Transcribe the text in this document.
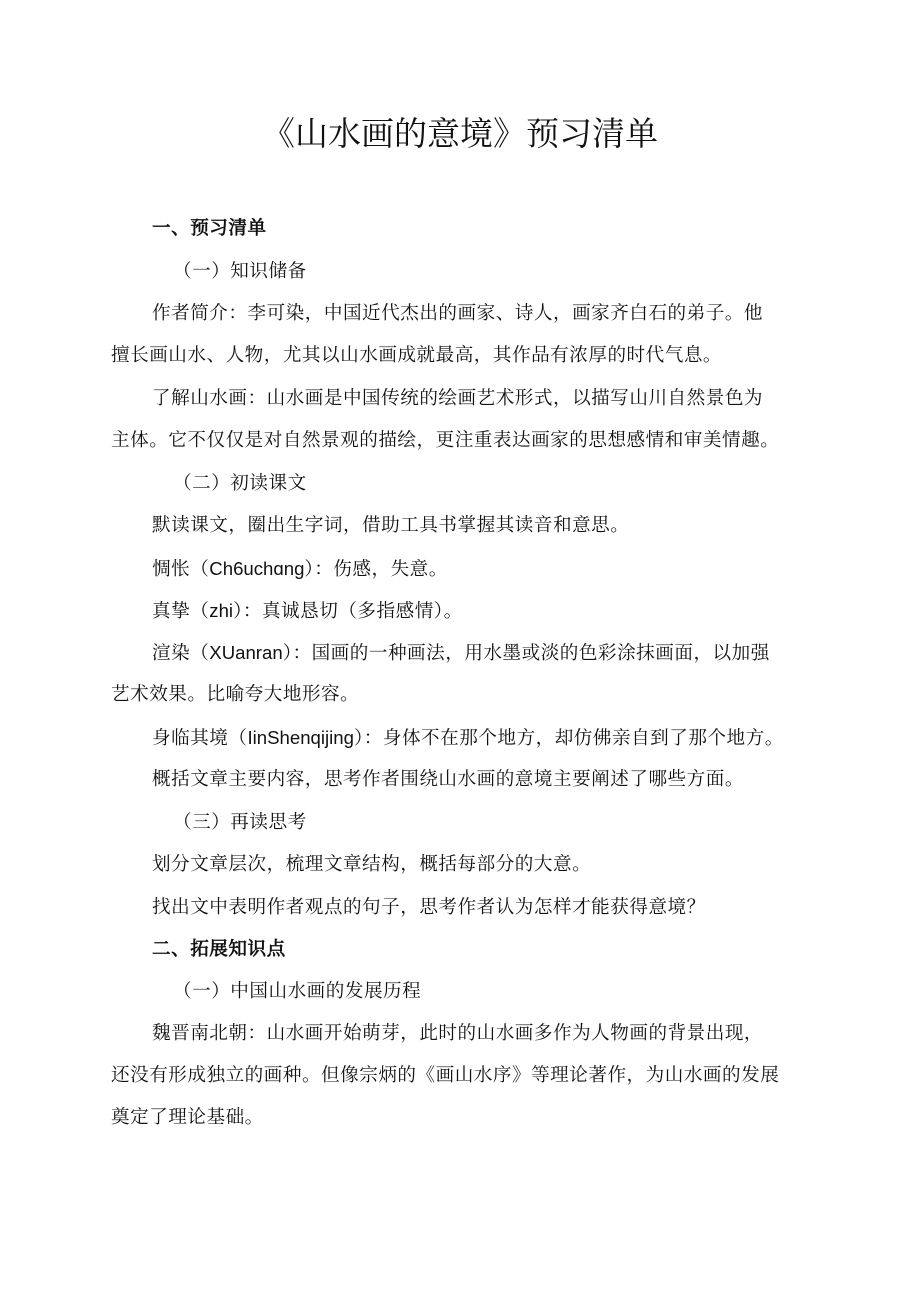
《山水画的意境》预习清单
一、预习清单
（一）知识储备
作者简介：李可染，中国近代杰出的画家、诗人，画家齐白石的弟子。他
擅长画山水、人物，尤其以山水画成就最高，其作品有浓厚的时代气息。
了解山水画：山水画是中国传统的绘画艺术形式，以描写山川自然景色为
主体。它不仅仅是对自然景观的描绘，更注重表达画家的思想感情和审美情趣。
（二）初读课文
默读课文，圈出生字词，借助工具书掌握其读音和意思。
惆怅（Ch6uchɑng）：伤感，失意。
真挚（zhi）：真诚恳切（多指感情）。
渲染（XUanran）：国画的一种画法，用水墨或淡的色彩涂抹画面，以加强
艺术效果。比喻夸大地形容。
身临其境（IinShenqijing）：身体不在那个地方，却仿佛亲自到了那个地方。
概括文章主要内容，思考作者围绕山水画的意境主要阐述了哪些方面。
（三）再读思考
划分文章层次，梳理文章结构，概括每部分的大意。
找出文中表明作者观点的句子，思考作者认为怎样才能获得意境？
二、拓展知识点
（一）中国山水画的发展历程
魏晋南北朝：山水画开始萌芽，此时的山水画多作为人物画的背景出现，
还没有形成独立的画种。但像宗炳的《画山水序》等理论著作，为山水画的发展
奠定了理论基础。
